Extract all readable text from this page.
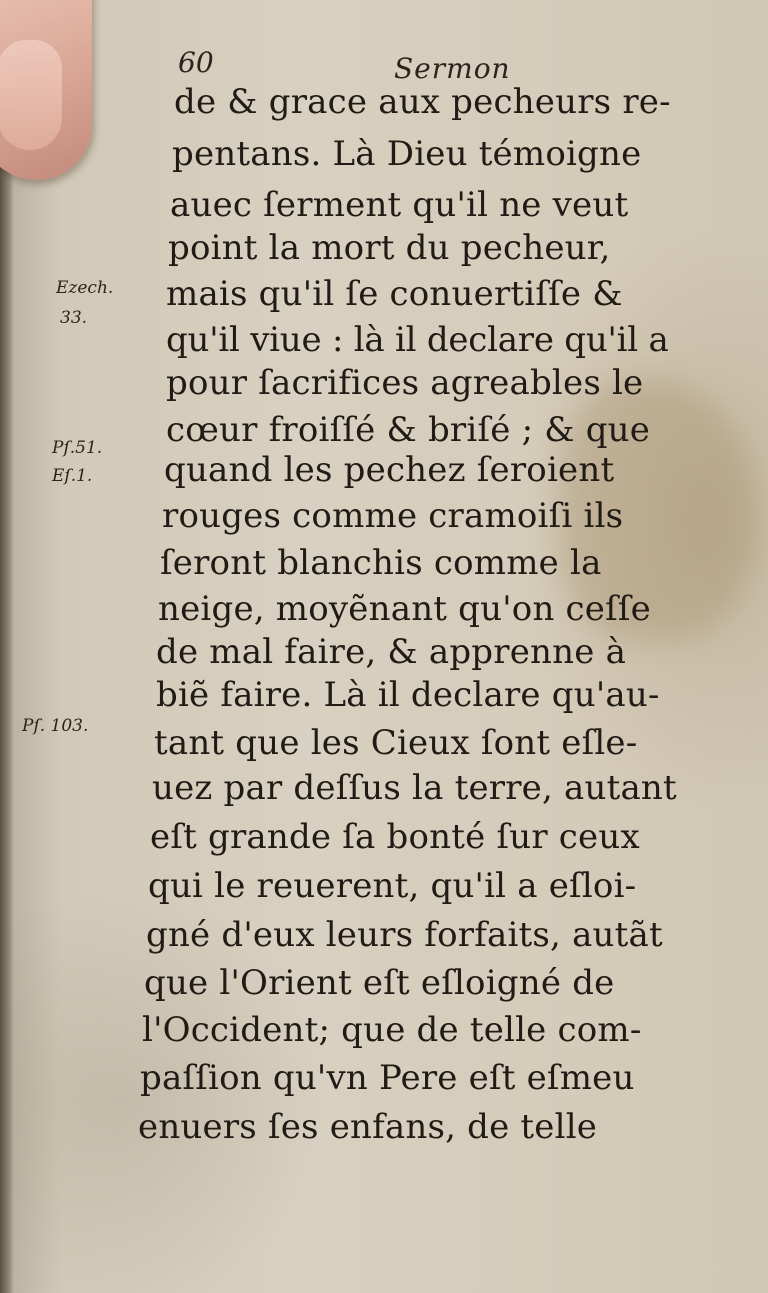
60	Sermon
Ezech.
33.
Pſ.51.
Eſ.1.
Pſ. 103.
de & grace aux pecheurs re-
pentans. Là Dieu témoigne
auec ſerment qu'il ne veut
point la mort du pecheur,
mais qu'il ſe conuertiſſe &
qu'il viue : là il declare qu'il a
pour ſacrifices agreables le
cœur froiſſé & briſé ; & que
quand les pechez ſeroient
rouges comme cramoiſi ils
ſeront blanchis comme la
neige, moyẽnant qu'on ceſſe
de mal faire, & apprenne à
biẽ faire. Là il declare qu'au-
tant que les Cieux ſont eſle-
uez par deſſus la terre, autant
eſt grande ſa bonté ſur ceux
qui le reuerent, qu'il a eſloi-
gné d'eux leurs forfaits, autãt
que l'Orient eſt eſloigné de
l'Occident; que de telle com-
paſſion qu'vn Pere eſt eſmeu
enuers ſes enfans, de telle
